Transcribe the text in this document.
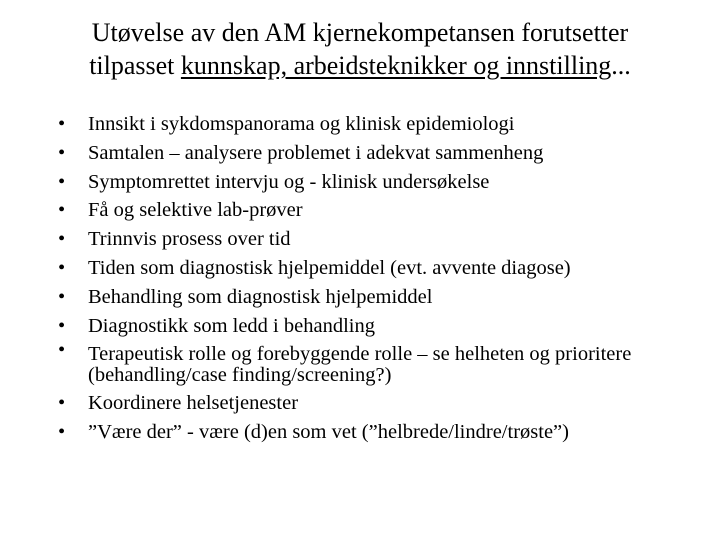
Utøvelse av den AM kjernekompetansen forutsetter
tilpasset kunnskap, arbeidsteknikker og innstilling...
• Innsikt i sykdomspanorama og klinisk epidemiologi
• Samtalen – analysere problemet i adekvat sammenheng
• Symptomrettet intervju og - klinisk undersøkelse
• Få og selektive lab-prøver
• Trinnvis prosess over tid
• Tiden som diagnostisk hjelpemiddel (evt. avvente diagose)
• Behandling som diagnostisk hjelpemiddel
• Diagnostikk som ledd i behandling
• Terapeutisk rolle og forebyggende rolle – se helheten og prioritere (behandling/case finding/screening?)
• Koordinere helsetjenester
• ”Være der” - være (d)en som vet (”helbrede/lindre/trøste”)
